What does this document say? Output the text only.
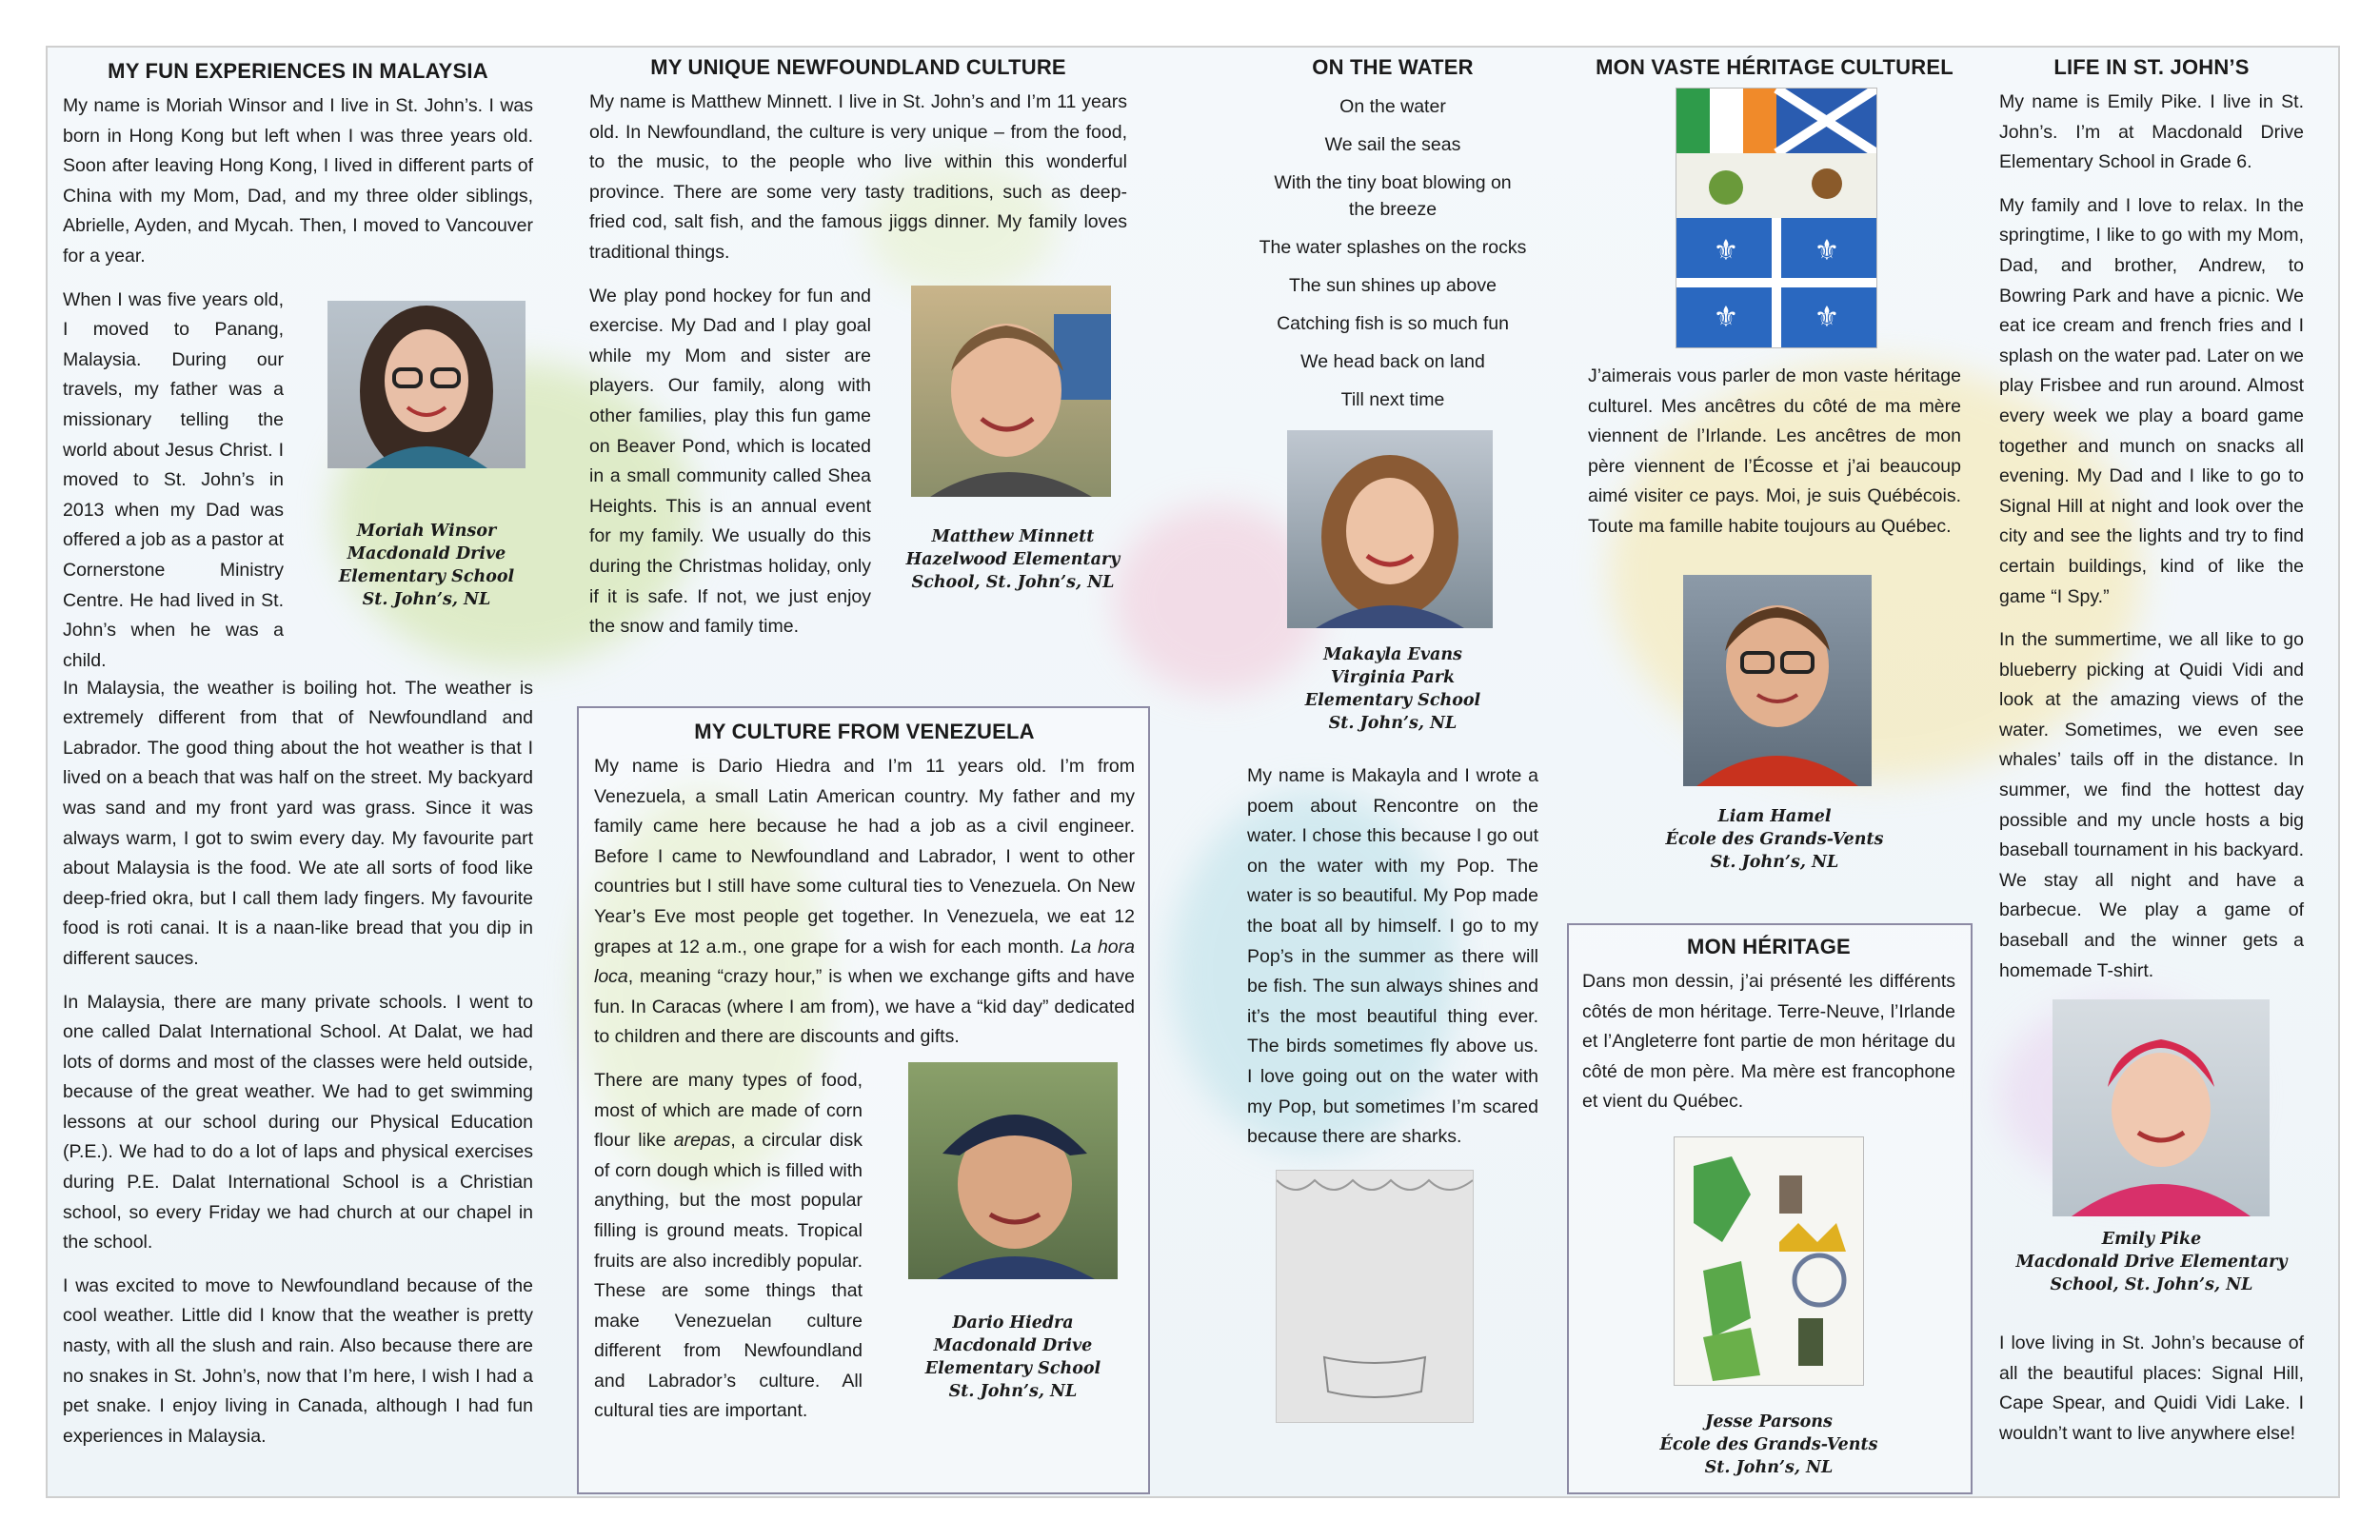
MY FUN EXPERIENCES IN MALAYSIA

My name is Moriah Winsor and I live in St. John’s. I was born in Hong Kong but left when I was three years old. Soon after leaving Hong Kong, I lived in different parts of China with my Mom, Dad, and my three older siblings, Abrielle, Ayden, and Mycah. Then, I moved to Vancouver for a year.

When I was five years old, I moved to Panang, Malaysia. During our travels, my father was a missionary telling the world about Jesus Christ. I moved to St. John’s in 2013 when my Dad was offered a job as a pastor at Cornerstone Ministry Centre. He had lived in St. John’s when he was a child.

Moriah Winsor
Macdonald Drive
Elementary School
St. John’s, NL

In Malaysia, the weather is boiling hot. The weather is extremely different from that of Newfoundland and Labrador. The good thing about the hot weather is that I lived on a beach that was half on the street. My backyard was sand and my front yard was grass. Since it was always warm, I got to swim every day. My favourite part about Malaysia is the food. We ate all sorts of food like deep-fried okra, but I call them lady fingers. My favourite food is roti canai. It is a naan-like bread that you dip in different sauces.

In Malaysia, there are many private schools. I went to one called Dalat International School. At Dalat, we had lots of dorms and most of the classes were held outside, because of the great weather. We had to get swimming lessons at our school during our Physical Education (P.E.). We had to do a lot of laps and physical exercises during P.E. Dalat International School is a Christian school, so every Friday we had church at our chapel in the school.

I was excited to move to Newfoundland because of the cool weather. Little did I know that the weather is pretty nasty, with all the slush and rain. Also because there are no snakes in St. John’s, now that I’m here, I wish I had a pet snake. I enjoy living in Canada, although I had fun experiences in Malaysia.

MY UNIQUE NEWFOUNDLAND CULTURE

My name is Matthew Minnett. I live in St. John’s and I’m 11 years old. In Newfoundland, the culture is very unique – from the food, to the music, to the people who live within this wonderful province. There are some very tasty traditions, such as deep-fried cod, salt fish, and the famous jiggs dinner. My family loves traditional things.

We play pond hockey for fun and exercise. My Dad and I play goal while my Mom and sister are players. Our family, along with other families, play this fun game on Beaver Pond, which is located in a small community called Shea Heights. This is an annual event for my family. We usually do this during the Christmas holiday, only if it is safe. If not, we just enjoy the snow and family time.

Matthew Minnett
Hazelwood Elementary
School, St. John’s, NL
MY CULTURE FROM VENEZUELA

My name is Dario Hiedra and I’m 11 years old. I’m from Venezuela, a small Latin American country. My father and my family came here because he had a job as a civil engineer. Before I came to Newfoundland and Labrador, I went to other countries but I still have some cultural ties to Venezuela. On New Year’s Eve most people get together. In Venezuela, we eat 12 grapes at 12 a.m., one grape for a wish for each month. La hora loca, meaning “crazy hour,” is when we exchange gifts and have fun. In Caracas (where I am from), we have a “kid day” dedicated to children and there are discounts and gifts.

There are many types of food, most of which are made of corn flour like arepas, a circular disk of corn dough which is filled with anything, but the most popular filling is ground meats. Tropical fruits are also incredibly popular. These are some things that make Venezuelan culture different from Newfoundland and Labrador’s culture. All cultural ties are important.

Dario Hiedra
Macdonald Drive
Elementary School
St. John’s, NL
ON THE WATER
On the water
We sail the seas
With the tiny boat blowing on
the breeze
The water splashes on the rocks
The sun shines up above
Catching fish is so much fun
We head back on land
Till next time
Makayla Evans
Virginia Park
Elementary School
St. John’s, NL

My name is Makayla and I wrote a poem about Rencontre on the water. I chose this because I go out on the water with my Pop. The water is so beautiful. My Pop made the boat all by himself. I go to my Pop’s in the summer as there will be fish. The sun always shines and it’s the most beautiful thing ever. The birds sometimes fly above us. I love going out on the water with my Pop, but sometimes I’m scared because there are sharks.

MON VASTE HÉRITAGE CULTUREL
⚜	⚜
⚜	⚜

J’aimerais vous parler de mon vaste héritage culturel. Mes ancêtres du côté de ma mère viennent de l’Irlande. Les ancêtres de mon père viennent de l’Écosse et j’ai beaucoup aimé visiter ce pays. Moi, je suis Québécois. Toute ma famille habite toujours au Québec.

Liam Hamel
École des Grands-Vents
St. John’s, NL
MON HÉRITAGE

Dans mon dessin, j’ai présenté les différents côtés de mon héritage. Terre-Neuve, l’Irlande et l’Angleterre font partie de mon héritage du côté de mon père. Ma mère est francophone et vient du Québec.

Jesse Parsons
École des Grands-Vents
St. John’s, NL
LIFE IN ST. JOHN’S

My name is Emily Pike. I live in St. John’s. I’m at Macdonald Drive Elementary School in Grade 6.

My family and I love to relax. In the springtime, I like to go with my Mom, Dad, and brother, Andrew, to Bowring Park and have a picnic. We eat ice cream and french fries and I splash on the water pad. Later on we play Frisbee and run around. Almost every week we play a board game together and munch on snacks all evening. My Dad and I like to go to Signal Hill at night and look over the city and see the lights and try to find certain buildings, kind of like the game “I Spy.”

In the summertime, we all like to go blueberry picking at Quidi Vidi and look at the amazing views of the water. Sometimes, we even see whales’ tails off in the distance. In summer, we find the hottest day possible and my uncle hosts a big baseball tournament in his backyard. We stay all night and have a barbecue. We play a game of baseball and the winner gets a homemade T-shirt.

Emily Pike
Macdonald Drive Elementary
School, St. John’s, NL

I love living in St. John’s because of all the beautiful places: Signal Hill, Cape Spear, and Quidi Vidi Lake. I wouldn’t want to live anywhere else!
